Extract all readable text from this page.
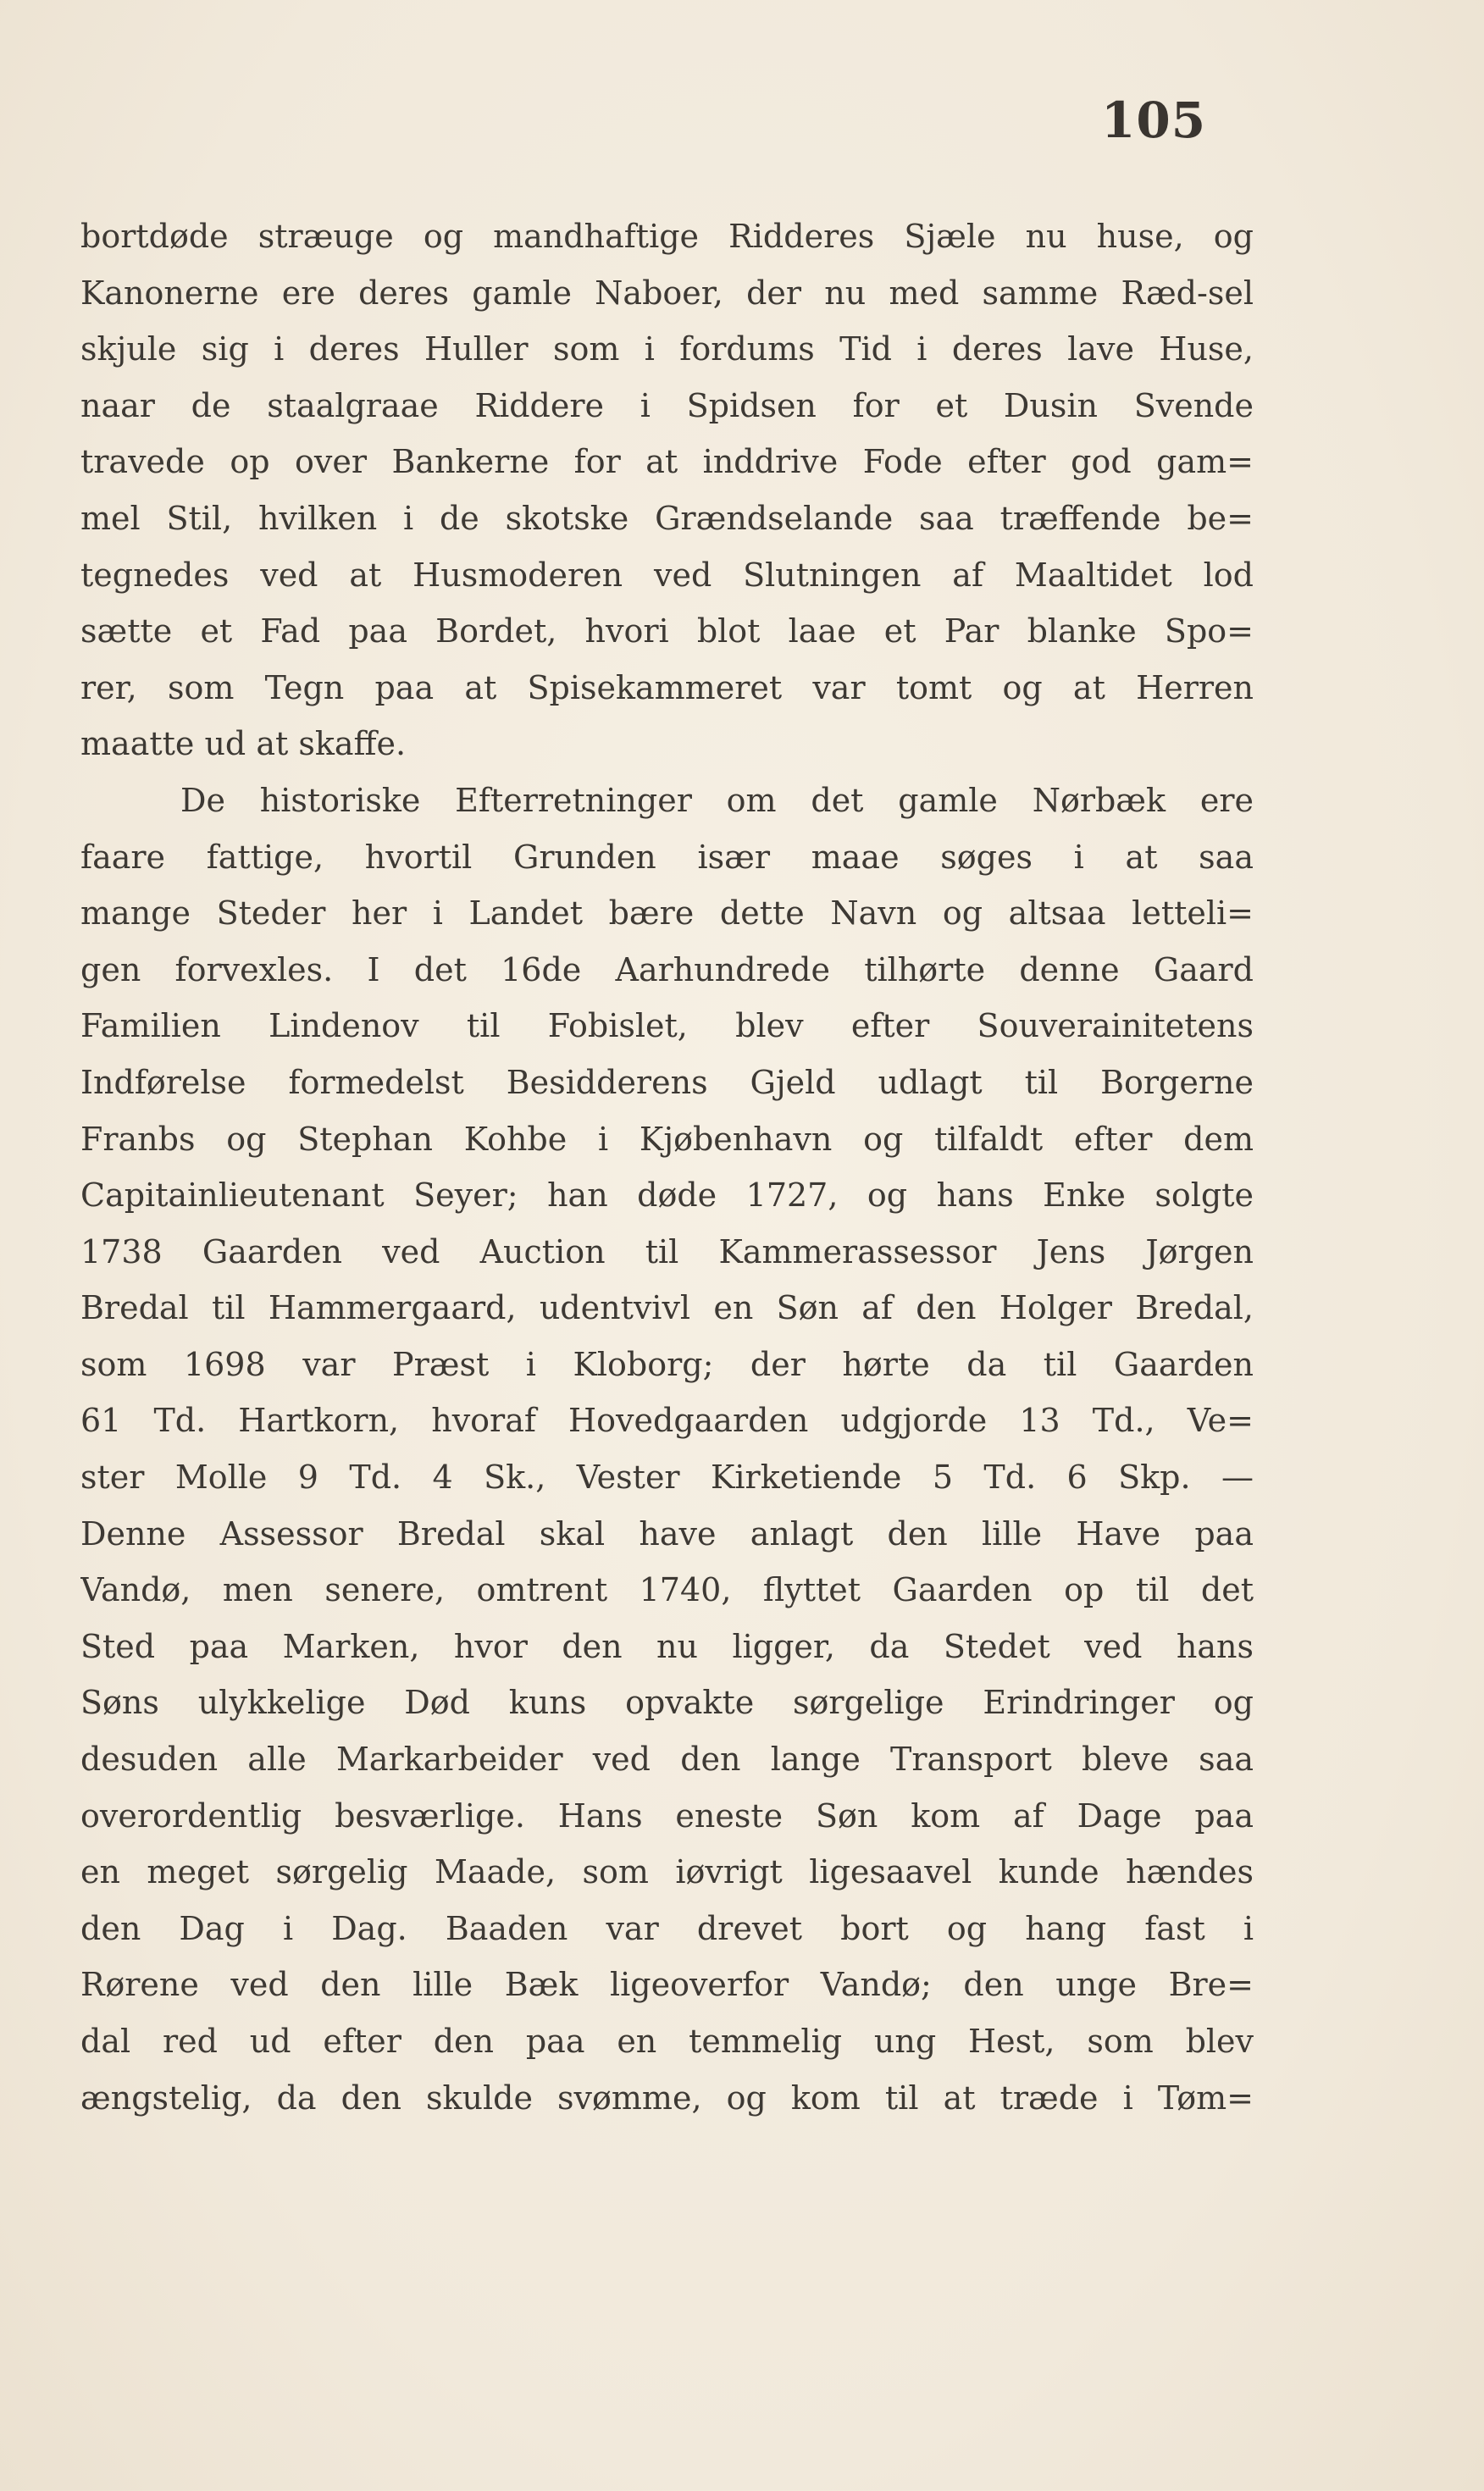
105
bortdøde stræuge og mandhaftige Ridderes Sjæle nu huse, og
Kanonerne ere deres gamle Naboer, der nu med samme Ræd-sel
skjule sig i deres Huller som i fordums Tid i deres lave Huse,
naar de staalgraae Riddere i Spidsen for et Dusin Svende
travede op over Bankerne for at inddrive Fode efter god gam=
mel Stil, hvilken i de skotske Grændselande saa træffende be=
tegnedes ved at Husmoderen ved Slutningen af Maaltidet lod
sætte et Fad paa Bordet, hvori blot laae et Par blanke Spo=
rer, som Tegn paa at Spisekammeret var tomt og at Herren
maatte ud at skaffe.
De historiske Efterretninger om det gamle Nørbæk ere
faare fattige, hvortil Grunden især maae søges i at saa
mange Steder her i Landet bære dette Navn og altsaa letteli=
gen forvexles. I det 16de Aarhundrede tilhørte denne Gaard
Familien Lindenov til Fobislet, blev efter Souverainitetens
Indførelse formedelst Besidderens Gjeld udlagt til Borgerne
Franbs og Stephan Kohbe i Kjøbenhavn og tilfaldt efter dem
Capitainlieutenant Seyer; han døde 1727, og hans Enke solgte
1738 Gaarden ved Auction til Kammerassessor Jens Jørgen
Bredal til Hammergaard, udentvivl en Søn af den Holger Bredal,
som 1698 var Præst i Kloborg; der hørte da til Gaarden
61 Td. Hartkorn, hvoraf Hovedgaarden udgjorde 13 Td., Ve=
ster Molle 9 Td. 4 Sk., Vester Kirketiende 5 Td. 6 Skp. —
Denne Assessor Bredal skal have anlagt den lille Have paa
Vandø, men senere, omtrent 1740, flyttet Gaarden op til det
Sted paa Marken, hvor den nu ligger, da Stedet ved hans
Søns ulykkelige Død kuns opvakte sørgelige Erindringer og
desuden alle Markarbeider ved den lange Transport bleve saa
overordentlig besværlige. Hans eneste Søn kom af Dage paa
en meget sørgelig Maade, som iøvrigt ligesaavel kunde hændes
den Dag i Dag. Baaden var drevet bort og hang fast i
Rørene ved den lille Bæk ligeoverfor Vandø; den unge Bre=
dal red ud efter den paa en temmelig ung Hest, som blev
ængstelig, da den skulde svømme, og kom til at træde i Tøm=
